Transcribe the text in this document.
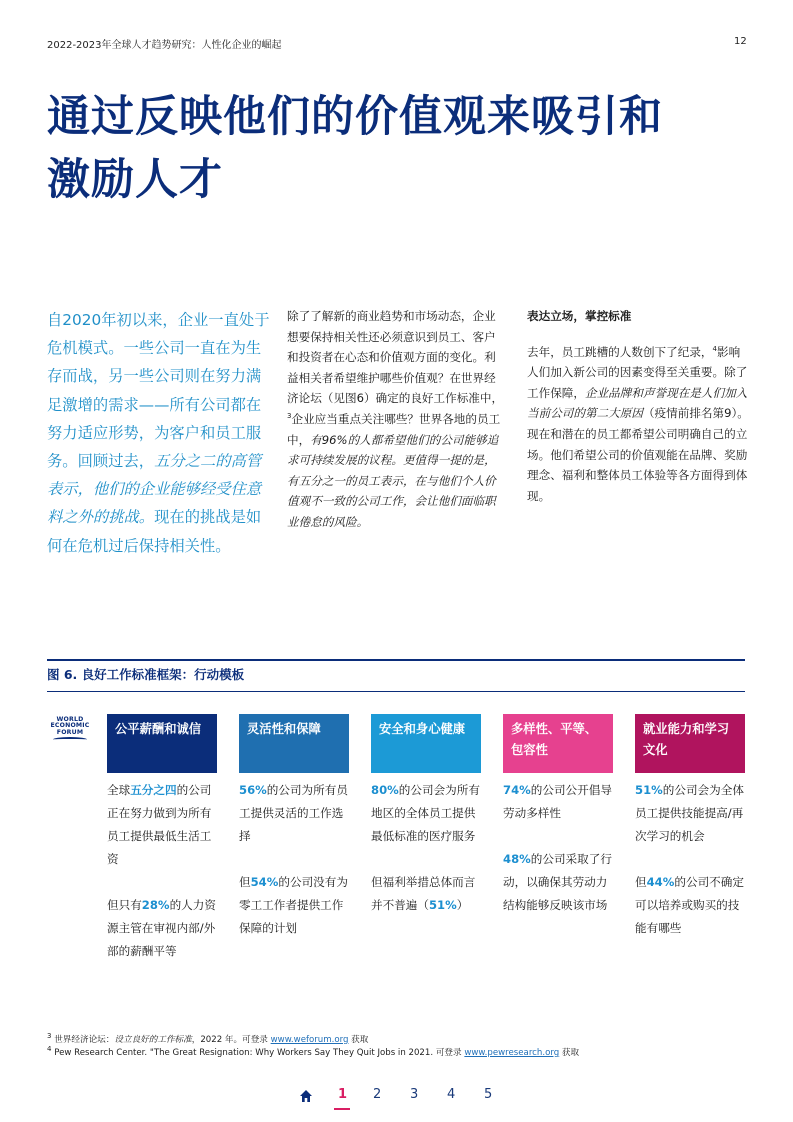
2022-2023年全球人才趋势研究：人性化企业的崛起	12
通过反映他们的价值观来吸引和
激励人才
自2020年初以来，企业一直处于危机模式。一些公司一直在为生存而战，另一些公司则在努力满足激增的需求——所有公司都在努力适应形势，为客户和员工服务。回顾过去，五分之二的高管表示，他们的企业能够经受住意料之外的挑战。现在的挑战是如何在危机过后保持相关性。
除了了解新的商业趋势和市场动态，企业想要保持相关性还必须意识到员工、客户和投资者在心态和价值观方面的变化。利益相关者希望维护哪些价值观？在世界经济论坛（见图6）确定的良好工作标准中，$^3$企业应当重点关注哪些？世界各地的员工中，有96%的人都希望他们的公司能够追求可持续发展的议程。更值得一提的是，有五分之一的员工表示，在与他们个人价值观不一致的公司工作，会让他们面临职业倦怠的风险。
表达立场，掌控标准
去年，员工跳槽的人数创下了纪录，$^4$影响人们加入新公司的因素变得至关重要。除了工作保障，企业品牌和声誉现在是人们加入当前公司的第二大原因（疫情前排名第9）。现在和潜在的员工都希望公司明确自己的立场。他们希望公司的价值观能在品牌、奖励理念、福利和整体员工体验等各方面得到体现。
图 6. 良好工作标准框架：行动模板
WORLD
ECONOMIC
FORUM	公平薪酬和诚信
全球五分之四的公司正在努力做到为所有员工提供最低生活工资
但只有28%的人力资源主管在审视内部/外部的薪酬平等
灵活性和保障
56%的公司为所有员工提供灵活的工作选择
但54%的公司没有为零工工作者提供工作保障的计划
安全和身心健康
80%的公司会为所有地区的全体员工提供最低标准的医疗服务
但福利举措总体而言并不普遍（51%）
多样性、平等、包容性
74%的公司公开倡导劳动多样性
48%的公司采取了行动，以确保其劳动力结构能够反映该市场
就业能力和学习文化
51%的公司会为全体员工提供技能提高/再次学习的机会
但44%的公司不确定可以培养或购买的技能有哪些
$^3$ 世界经济论坛：设立良好的工作标准，2022 年。可登录 www.weforum.org 获取
$^4$ Pew Research Center. "The Great Resignation: Why Workers Say They Quit Jobs in 2021. 可登录 www.pewresearch.org 获取
1 2 3 4 5
